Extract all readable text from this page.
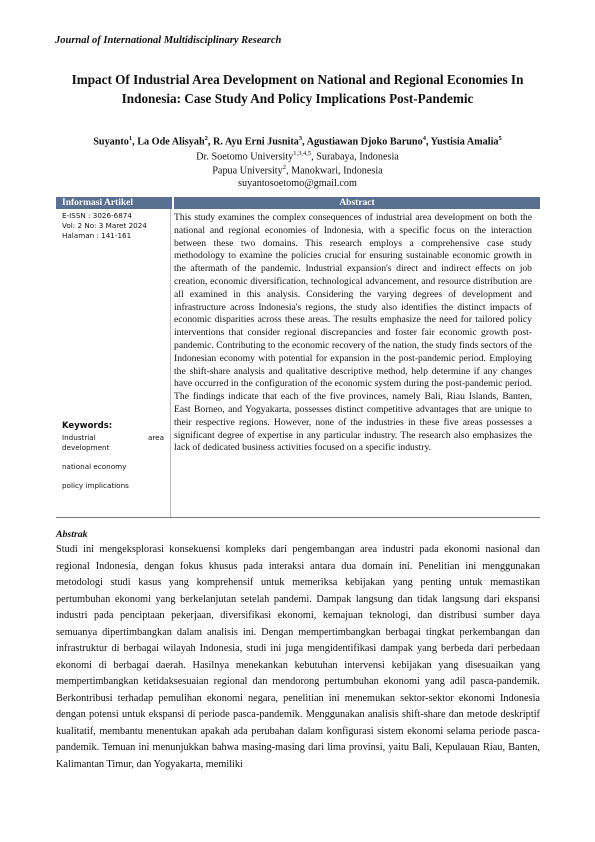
Journal of International Multidisciplinary Research
Impact Of Industrial Area Development on National and Regional Economies In Indonesia: Case Study And Policy Implications Post-Pandemic
Suyanto$^1$, La Ode Alisyah$^2$, R. Ayu Erni Jusnita$^3$, Agustiawan Djoko Baruno$^4$, Yustisia Amalia$^5$
Dr. Soetomo University$^{1,3,4,5}$, Surabaya, Indonesia
Papua University$^2$, Manokwari, Indonesia
suyantosoetomo@gmail.com
Informasi Artikel	Abstract
E-ISSN : 3026-6874
Vol: 2 No: 3 Maret 2024
Halaman : 141-161
Keywords:
Industrial area
development
national economy
policy implications

This study examines the complex consequences of industrial area development on both the national and regional economies of Indonesia, with a specific focus on the interaction between these two domains. This research employs a comprehensive case study methodology to examine the policies crucial for ensuring sustainable economic growth in the aftermath of the pandemic. Industrial expansion's direct and indirect effects on job creation, economic diversification, technological advancement, and resource distribution are all examined in this analysis. Considering the varying degrees of development and infrastructure across Indonesia's regions, the study also identifies the distinct impacts of economic disparities across these areas. The results emphasize the need for tailored policy interventions that consider regional discrepancies and foster fair economic growth post-pandemic. Contributing to the economic recovery of the nation, the study finds sectors of the Indonesian economy with potential for expansion in the post-pandemic period. Employing the shift-share analysis and qualitative descriptive method, help determine if any changes have occurred in the configuration of the economic system during the post-pandemic period. The findings indicate that each of the five provinces, namely Bali, Riau Islands, Banten, East Borneo, and Yogyakarta, possesses distinct competitive advantages that are unique to their respective regions. However, none of the industries in these five areas possesses a significant degree of expertise in any particular industry. The research also emphasizes the lack of dedicated business activities focused on a specific industry.

Abstrak

Studi ini mengeksplorasi konsekuensi kompleks dari pengembangan area industri pada ekonomi nasional dan regional Indonesia, dengan fokus khusus pada interaksi antara dua domain ini. Penelitian ini menggunakan metodologi studi kasus yang komprehensif untuk memeriksa kebijakan yang penting untuk memastikan pertumbuhan ekonomi yang berkelanjutan setelah pandemi. Dampak langsung dan tidak langsung dari ekspansi industri pada penciptaan pekerjaan, diversifikasi ekonomi, kemajuan teknologi, dan distribusi sumber daya semuanya dipertimbangkan dalam analisis ini. Dengan mempertimbangkan berbagai tingkat perkembangan dan infrastruktur di berbagai wilayah Indonesia, studi ini juga mengidentifikasi dampak yang berbeda dari perbedaan ekonomi di berbagai daerah. Hasilnya menekankan kebutuhan intervensi kebijakan yang disesuaikan yang mempertimbangkan ketidaksesuaian regional dan mendorong pertumbuhan ekonomi yang adil pasca-pandemik. Berkontribusi terhadap pemulihan ekonomi negara, penelitian ini menemukan sektor-sektor ekonomi Indonesia dengan potensi untuk ekspansi di periode pasca-pandemik. Menggunakan analisis shift-share dan metode deskriptif kualitatif, membantu menentukan apakah ada perubahan dalam konfigurasi sistem ekonomi selama periode pasca-pandemik. Temuan ini menunjukkan bahwa masing-masing dari lima provinsi, yaitu Bali, Kepulauan Riau, Banten, Kalimantan Timur, dan Yogyakarta, memiliki
